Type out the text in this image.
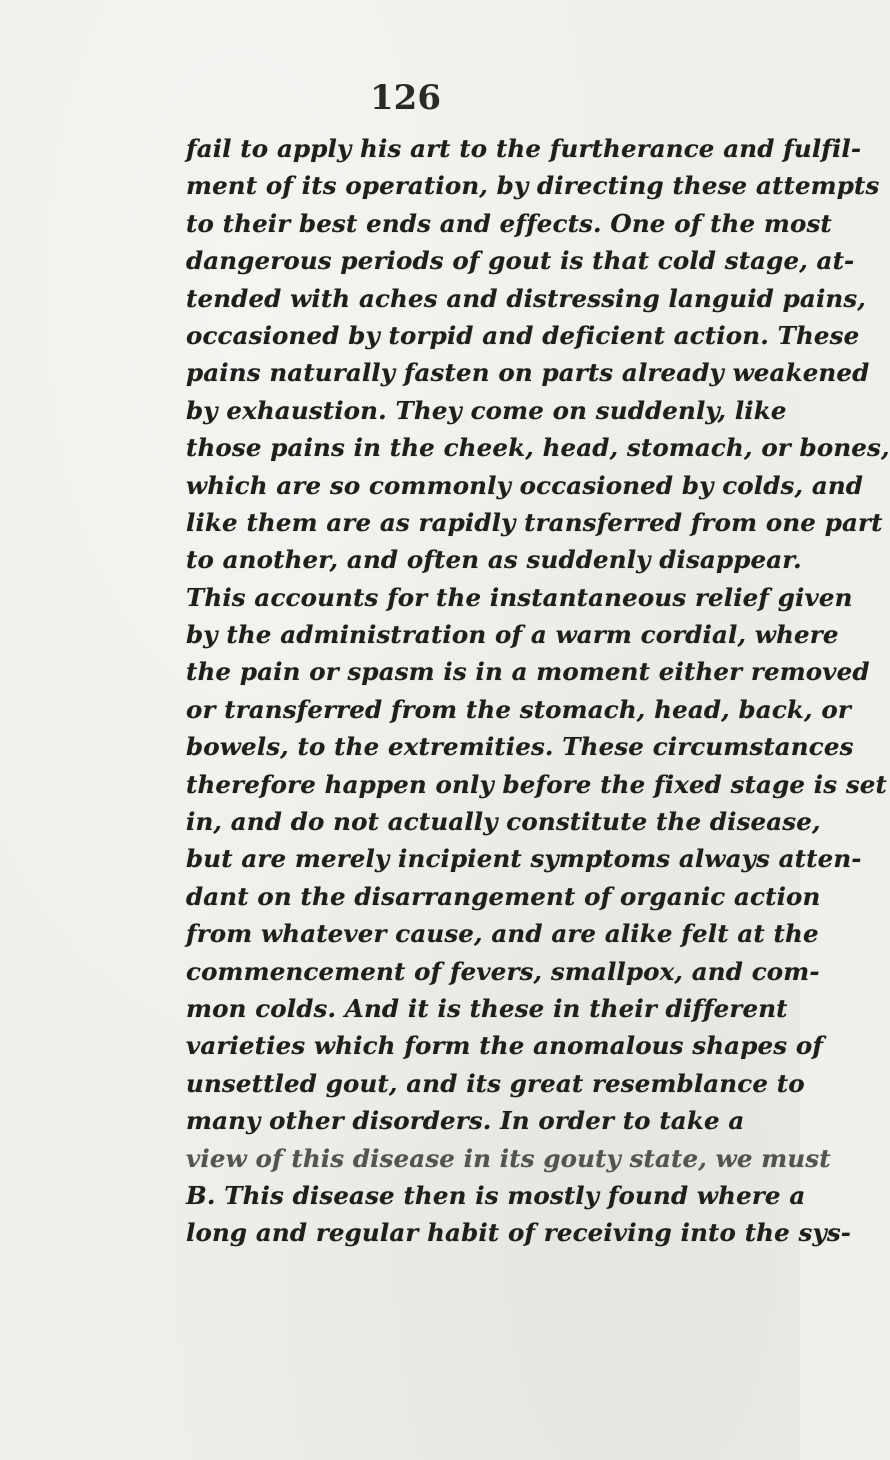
126
fail to apply his art to the furtherance and fulfil-
ment of its operation, by directing these attempts
to their best ends and effects. One of the most
dangerous periods of gout is that cold stage, at-
tended with aches and distressing languid pains,
occasioned by torpid and deficient action. These
pains naturally fasten on parts already weakened
by exhaustion. They come on suddenly, like
those pains in the cheek, head, stomach, or bones,
which are so commonly occasioned by colds, and
like them are as rapidly transferred from one part
to another, and often as suddenly disappear.
This accounts for the instantaneous relief given
by the administration of a warm cordial, where
the pain or spasm is in a moment either removed
or transferred from the stomach, head, back, or
bowels, to the extremities. These circumstances
therefore happen only before the fixed stage is set
in, and do not actually constitute the disease,
but are merely incipient symptoms always atten-
dant on the disarrangement of organic action
from whatever cause, and are alike felt at the
commencement of fevers, smallpox, and com-
mon colds. And it is these in their different
varieties which form the anomalous shapes of
unsettled gout, and its great resemblance to
many other disorders. In order to take a
view of this disease in its gouty state, we must
B. This disease then is mostly found where a
long and regular habit of receiving into the sys-
